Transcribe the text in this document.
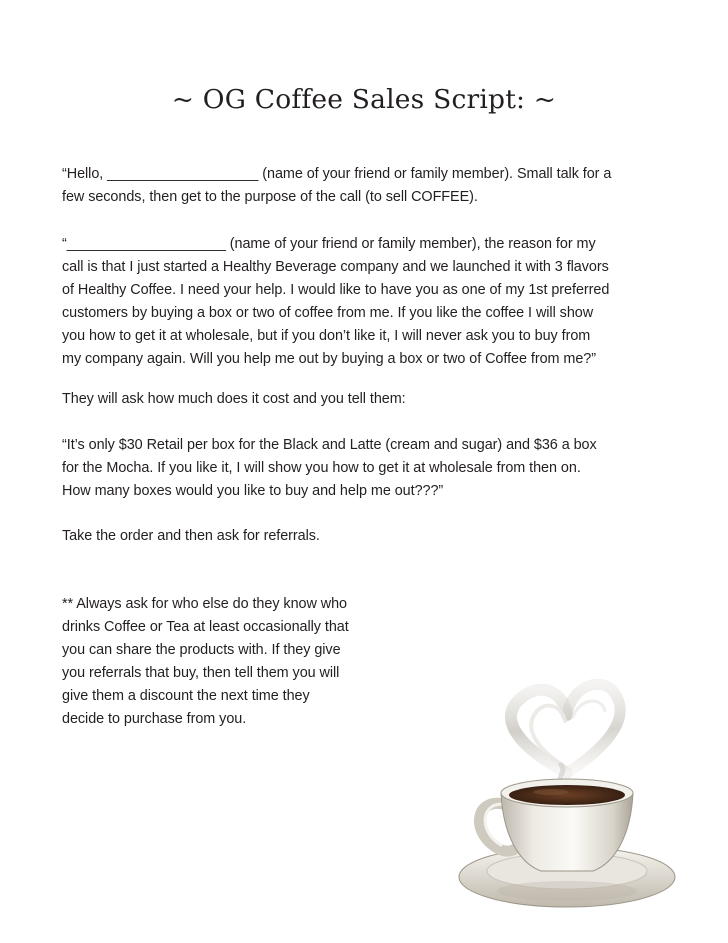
~ OG Coffee Sales Script: ~

“Hello, ___________________ (name of your friend or family member). Small talk for a
few seconds, then get to the purpose of the call (to sell COFFEE).

“____________________ (name of your friend or family member), the reason for my
call is that I just started a Healthy Beverage company and we launched it with 3 flavors
of Healthy Coffee. I need your help. I would like to have you as one of my 1st preferred
customers by buying a box or two of coffee from me. If you like the coffee I will show
you how to get it at wholesale, but if you don’t like it, I will never ask you to buy from
my company again. Will you help me out by buying a box or two of Coffee from me?”

They will ask how much does it cost and you tell them:

“It’s only $30 Retail per box for the Black and Latte (cream and sugar) and $36 a box
for the Mocha. If you like it, I will show you how to get it at wholesale from then on.
How many boxes would you like to buy and help me out???”

Take the order and then ask for referrals.

** Always ask for who else do they know who
drinks Coffee or Tea at least occasionally that
you can share the products with. If they give
you referrals that buy, then tell them you will
give them a discount the next time they
decide to purchase from you.
